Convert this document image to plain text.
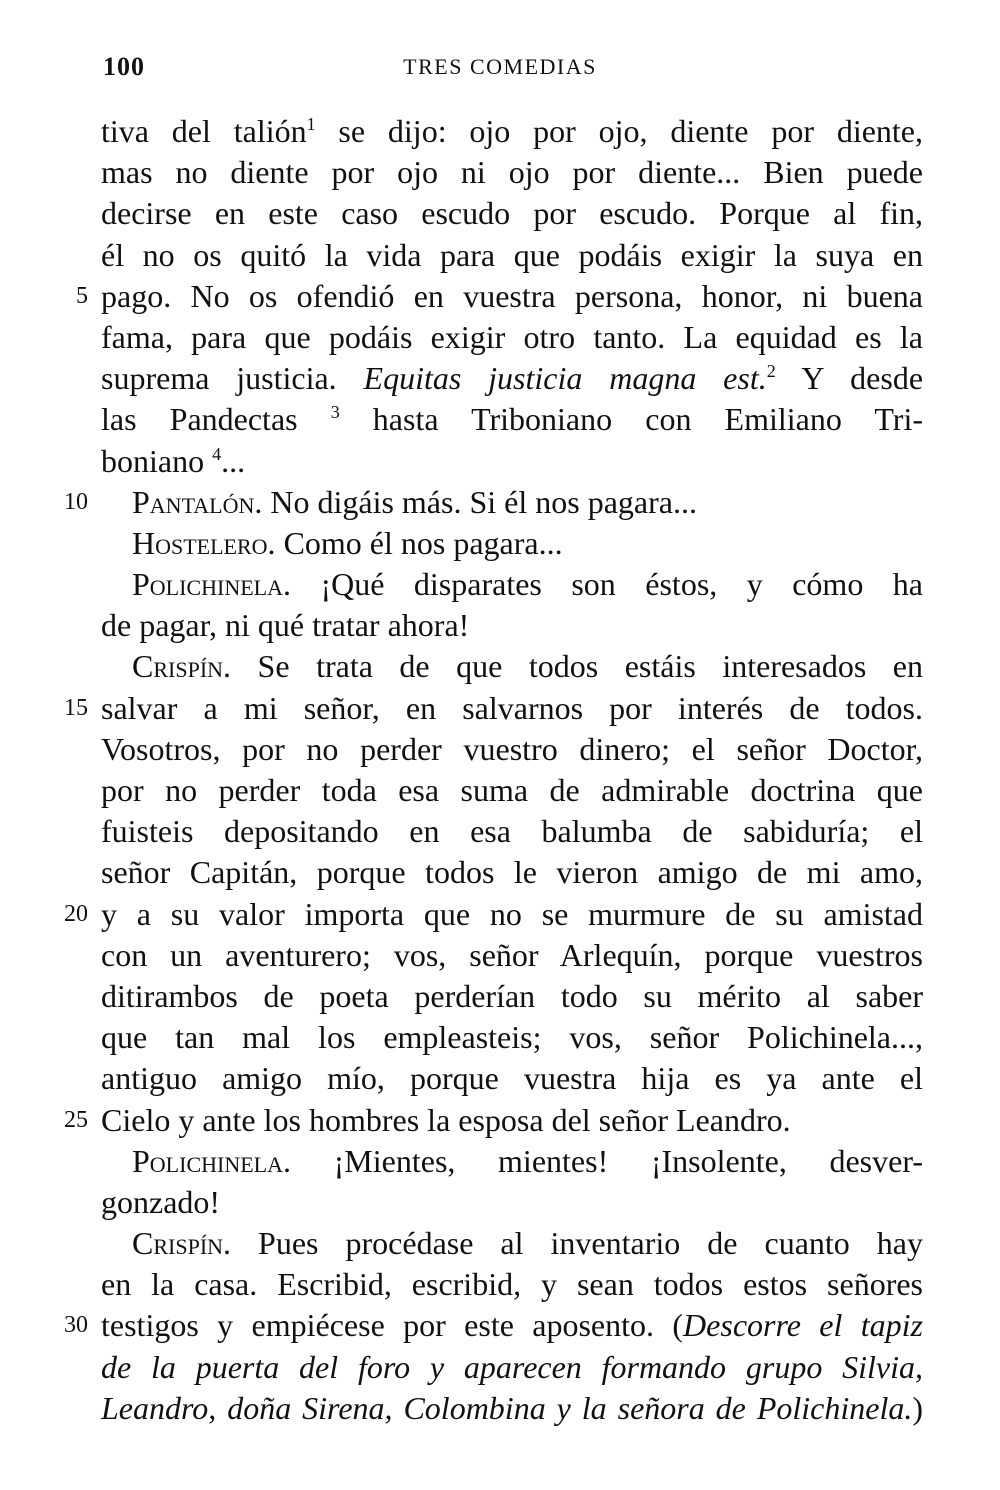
100	TRES COMEDIAS
tiva del talión$^1$ se dijo: ojo por ojo, diente por diente,
mas no diente por ojo ni ojo por diente... Bien puede
decirse en este caso escudo por escudo. Porque al fin,
él no os quitó la vida para que podáis exigir la suya en
5 pago. No os ofendió en vuestra persona, honor, ni buena
fama, para que podáis exigir otro tanto. La equidad es la
suprema justicia. Equitas justicia magna est.$^2$ Y desde
las Pandectas $^3$ hasta Triboniano con Emiliano Tri-
boniano $^4$...
10 Pantalón. No digáis más. Si él nos pagara...
Hostelero. Como él nos pagara...
Polichinela. ¡Qué disparates son éstos, y cómo ha
de pagar, ni qué tratar ahora!
Crispín. Se trata de que todos estáis interesados en
15 salvar a mi señor, en salvarnos por interés de todos.
Vosotros, por no perder vuestro dinero; el señor Doctor,
por no perder toda esa suma de admirable doctrina que
fuisteis depositando en esa balumba de sabiduría; el
señor Capitán, porque todos le vieron amigo de mi amo,
20 y a su valor importa que no se murmure de su amistad
con un aventurero; vos, señor Arlequín, porque vuestros
ditirambos de poeta perderían todo su mérito al saber
que tan mal los empleasteis; vos, señor Polichinela...,
antiguo amigo mío, porque vuestra hija es ya ante el
25 Cielo y ante los hombres la esposa del señor Leandro.
Polichinela. ¡Mientes, mientes! ¡Insolente, desver-
gonzado!
Crispín. Pues procédase al inventario de cuanto hay
en la casa. Escribid, escribid, y sean todos estos señores
30 testigos y empiécese por este aposento. (Descorre el tapiz
de la puerta del foro y aparecen formando grupo Silvia,
Leandro, doña Sirena, Colombina y la señora de Polichinela.)
